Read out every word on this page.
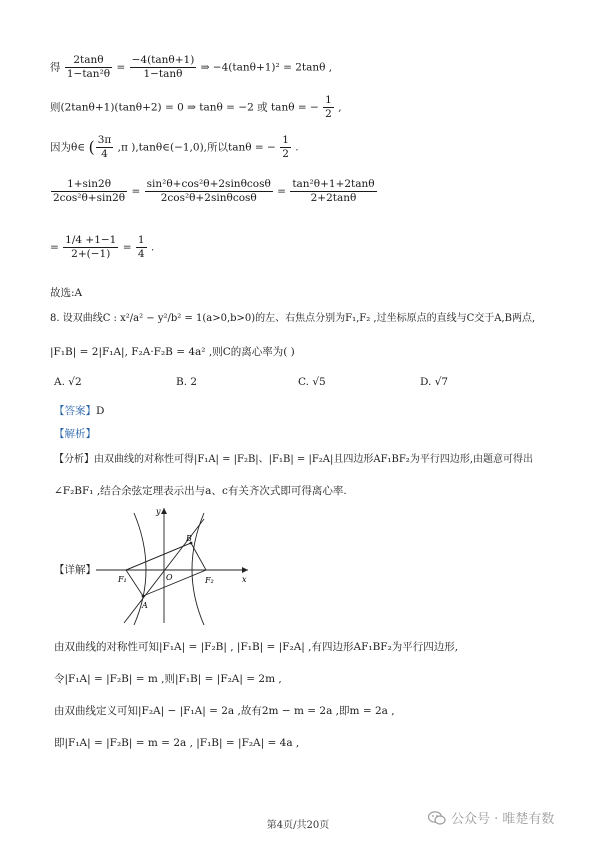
得 $\frac{2\tan\theta}{\text{1−tan²θ}} = \frac{-4(\tan\theta+1)}{1-\tan\theta}$ ⇒ −4(tanθ+1)² = 2tanθ ,
则(2tanθ+1)(tanθ+2) = 0 ⇒ tanθ = −2 或 tanθ = − $\frac{1}{2}$ ,
因为θ∈ ( $\frac{3\pi}{4} ,\pi$ ),tanθ∈(−1,0),所以tanθ = − $\frac{1}{2}$ .
$\frac{1+\sin 2\theta}{\text{2cos²θ+sin2θ}} = \frac{\text{sin²θ+cos²θ+2sinθcosθ}}{\text{2cos²θ+2sinθcosθ}} = \frac{\text{tan²θ+1+2tanθ}}{2+2\tan\theta}$
= $\frac{1/4 +1-1}{2+(-1)} = \frac{1}{4}$ .
故选:A
8. 设双曲线C : x²/a² − y²/b² = 1(a>0,b>0)的左、右焦点分别为F₁,F₂ ,过坐标原点的直线与C交于A,B两点,
|F₁B| = 2|F₁A|, F₂A·F₂B = 4a² ,则C的离心率为( )
A. √2	B. 2	C. √5	D. √7
【答案】D
【解析】
【分析】由双曲线的对称性可得|F₁A| = |F₂B|、|F₁B| = |F₂A|且四边形AF₁BF₂为平行四边形,由题意可得出
∠F₂BF₁ ,结合余弦定理表示出与a、c有关齐次式即可得离心率.
【详解】
y
x
O
F₁	F₂
A
B
由双曲线的对称性可知|F₁A| = |F₂B| , |F₁B| = |F₂A| ,有四边形AF₁BF₂为平行四边形,
令|F₁A| = |F₂B| = m ,则|F₁B| = |F₂A| = 2m ,
由双曲线定义可知|F₂A| − |F₁A| = 2a ,故有2m − m = 2a ,即m = 2a ,
即|F₁A| = |F₂B| = m = 2a , |F₁B| = |F₂A| = 4a ,
第4页/共20页	公众号 · 唯楚有数
